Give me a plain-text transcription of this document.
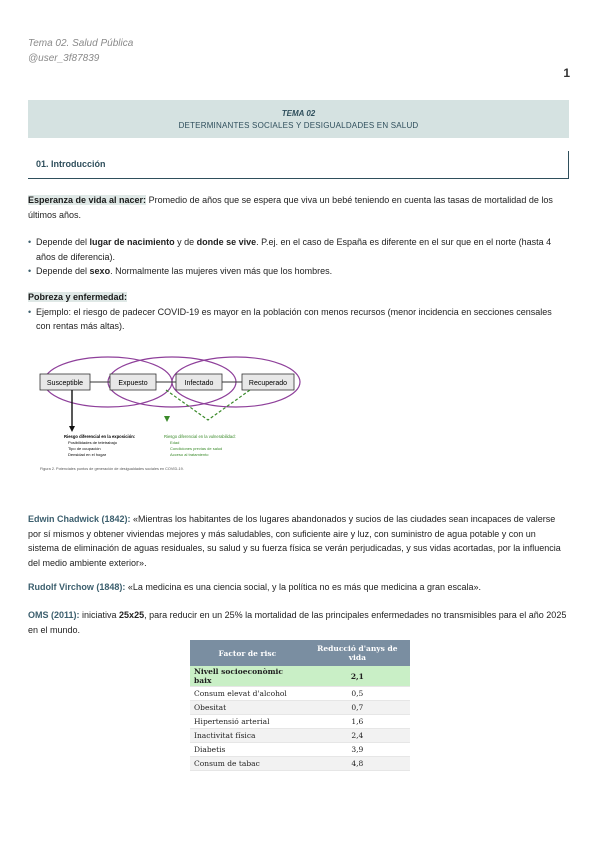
Tema 02. Salud Pública
@user_3f87839
1
TEMA 02
DETERMINANTES SOCIALES Y DESIGUALDADES EN SALUD
01. Introducción
Esperanza de vida al nacer: Promedio de años que se espera que viva un bebé teniendo en cuenta las tasas de mortalidad de los últimos años.
• Depende del lugar de nacimiento y de donde se vive. P.ej. en el caso de España es diferente en el sur que en el norte (hasta 4 años de diferencia).
• Depende del sexo. Normalmente las mujeres viven más que los hombres.
Pobreza y enfermedad:
• Ejemplo: el riesgo de padecer COVID-19 es mayor en la población con menos recursos (menor incidencia en secciones censales con rentas más altas).
Susceptible	Expuesto	Infectado	Recuperado
Riesgo diferencial en la exposición:
Posibilidades de teletrabajo
Tipo de ocupación
Densidad en el hogar
Riesgo diferencial en la vulnerabilidad:
Edad
Condiciones previas de salud
Acceso al tratamiento
Figura 2. Potenciales puntos de generación de desigualdades sociales en COVID-19.
Edwin Chadwick (1842): «Mientras los habitantes de los lugares abandonados y sucios de las ciudades sean incapaces de valerse por sí mismos y obtener viviendas mejores y más saludables, con suficiente aire y luz, con suministro de agua potable y con un sistema de eliminación de aguas residuales, su salud y su fuerza física se verán perjudicadas, y sus vidas acortadas, por la influencia del medio ambiente exterior».
Rudolf Virchow (1848): «La medicina es una ciencia social, y la política no es más que medicina a gran escala».
OMS (2011): iniciativa 25x25, para reducir en un 25% la mortalidad de las principales enfermedades no transmisibles para el año 2025 en el mundo.
Factor de risc	Reducció d'anys de vida
Nivell socioeconòmic baix	2,1
Consum elevat d'alcohol	0,5
Obesitat	0,7
Hipertensió arterial	1,6
Inactivitat física	2,4
Diabetis	3,9
Consum de tabac	4,8
